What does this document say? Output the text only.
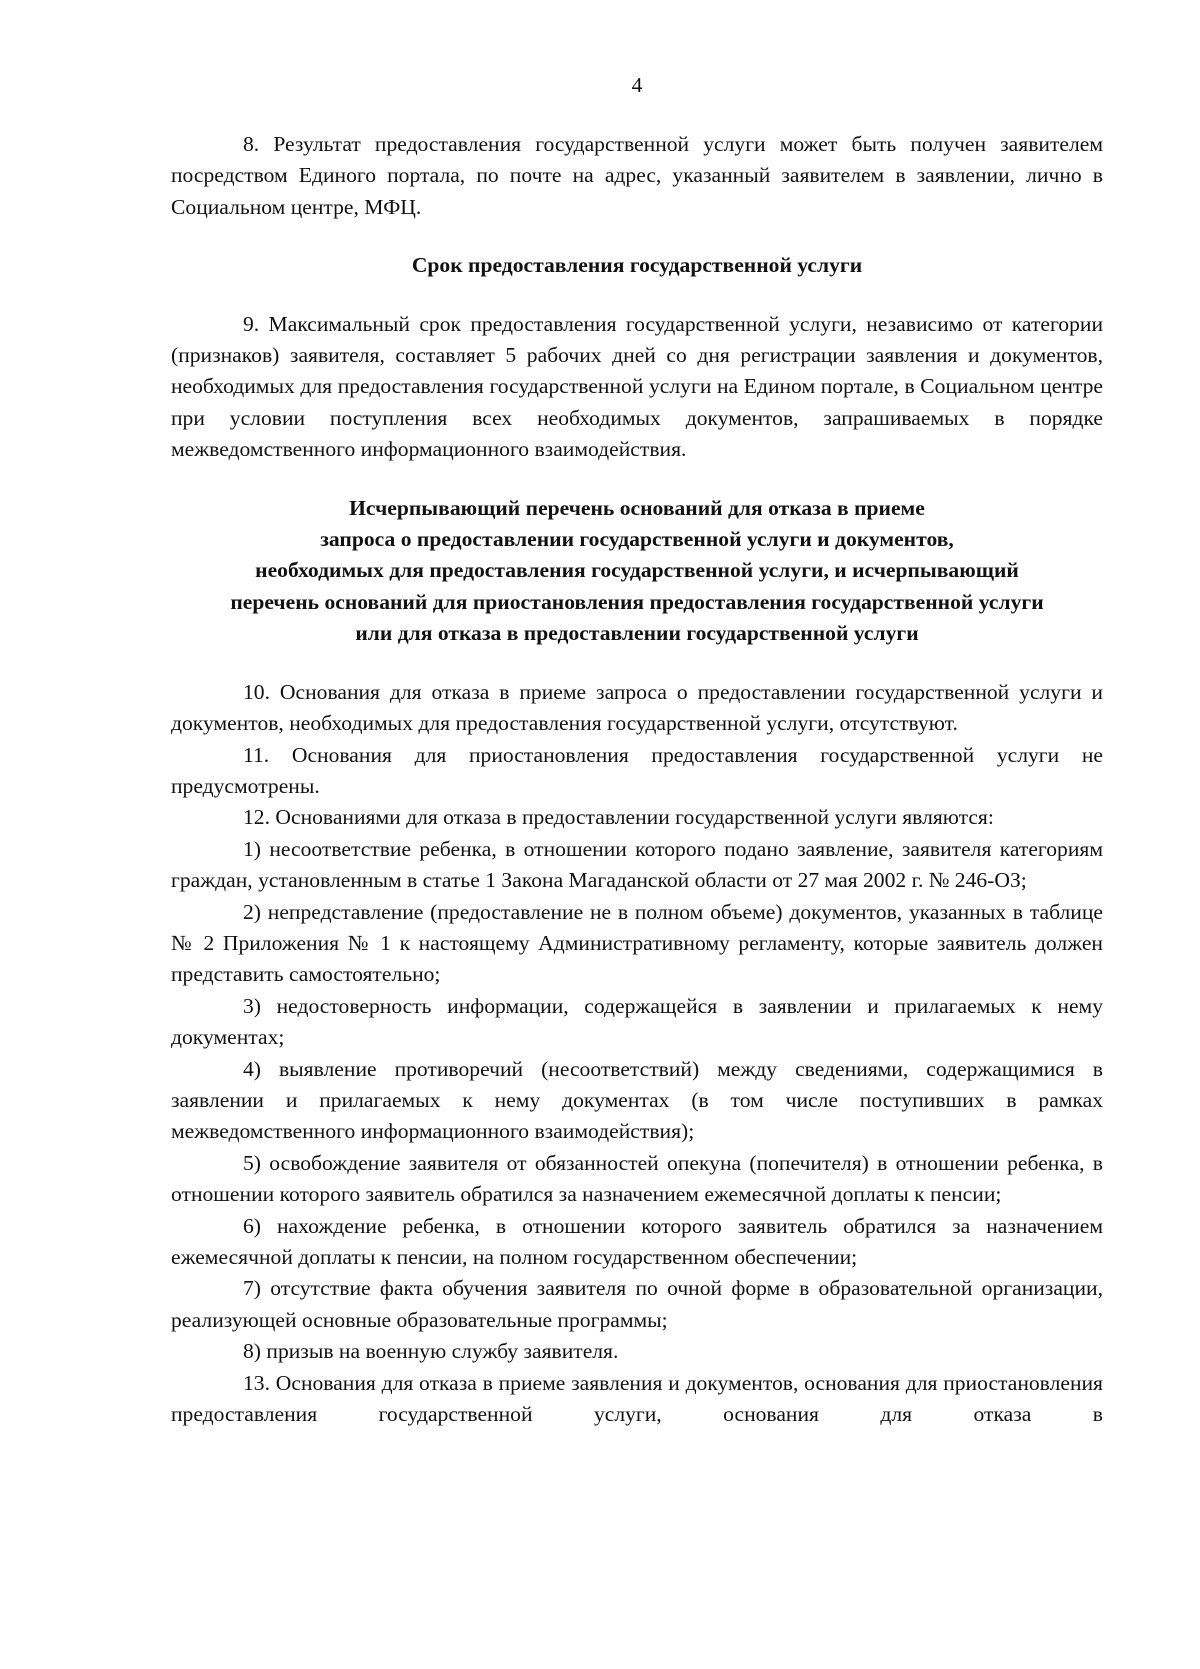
4

8. Результат предоставления государственной услуги может быть получен заявителем посредством Единого портала, по почте на адрес, указанный заявителем в заявлении, лично в Социальном центре, МФЦ.

Срок предоставления государственной услуги

9. Максимальный срок предоставления государственной услуги, независимо от категории (признаков) заявителя, составляет 5 рабочих дней со дня регистрации заявления и документов, необходимых для предоставления государственной услуги на Едином портале, в Социальном центре при условии поступления всех необходимых документов, запрашиваемых в порядке межведомственного информационного взаимодействия.

Исчерпывающий перечень оснований для отказа в приеме
запроса о предоставлении государственной услуги и документов,
необходимых для предоставления государственной услуги, и исчерпывающий
перечень оснований для приостановления предоставления государственной услуги
или для отказа в предоставлении государственной услуги

10. Основания для отказа в приеме запроса о предоставлении государственной услуги и документов, необходимых для предоставления государственной услуги, отсутствуют.

11. Основания для приостановления предоставления государственной услуги не предусмотрены.

12. Основаниями для отказа в предоставлении государственной услуги являются:

1) несоответствие ребенка, в отношении которого подано заявление, заявителя категориям граждан, установленным в статье 1 Закона Магаданской области от 27 мая 2002 г. № 246-ОЗ;

2) непредставление (предоставление не в полном объеме) документов, указанных в таблице № 2 Приложения № 1 к настоящему Административному регламенту, которые заявитель должен представить самостоятельно;

3) недостоверность информации, содержащейся в заявлении и прилагаемых к нему документах;

4) выявление противоречий (несоответствий) между сведениями, содержащимися в заявлении и прилагаемых к нему документах (в том числе поступивших в рамках межведомственного информационного взаимодействия);

5) освобождение заявителя от обязанностей опекуна (попечителя) в отношении ребенка, в отношении которого заявитель обратился за назначением ежемесячной доплаты к пенсии;

6) нахождение ребенка, в отношении которого заявитель обратился за назначением ежемесячной доплаты к пенсии, на полном государственном обеспечении;

7) отсутствие факта обучения заявителя по очной форме в образовательной организации, реализующей основные образовательные программы;

8) призыв на военную службу заявителя.

13. Основания для отказа в приеме заявления и документов, основания для приостановления предоставления государственной услуги, основания для отказа в
